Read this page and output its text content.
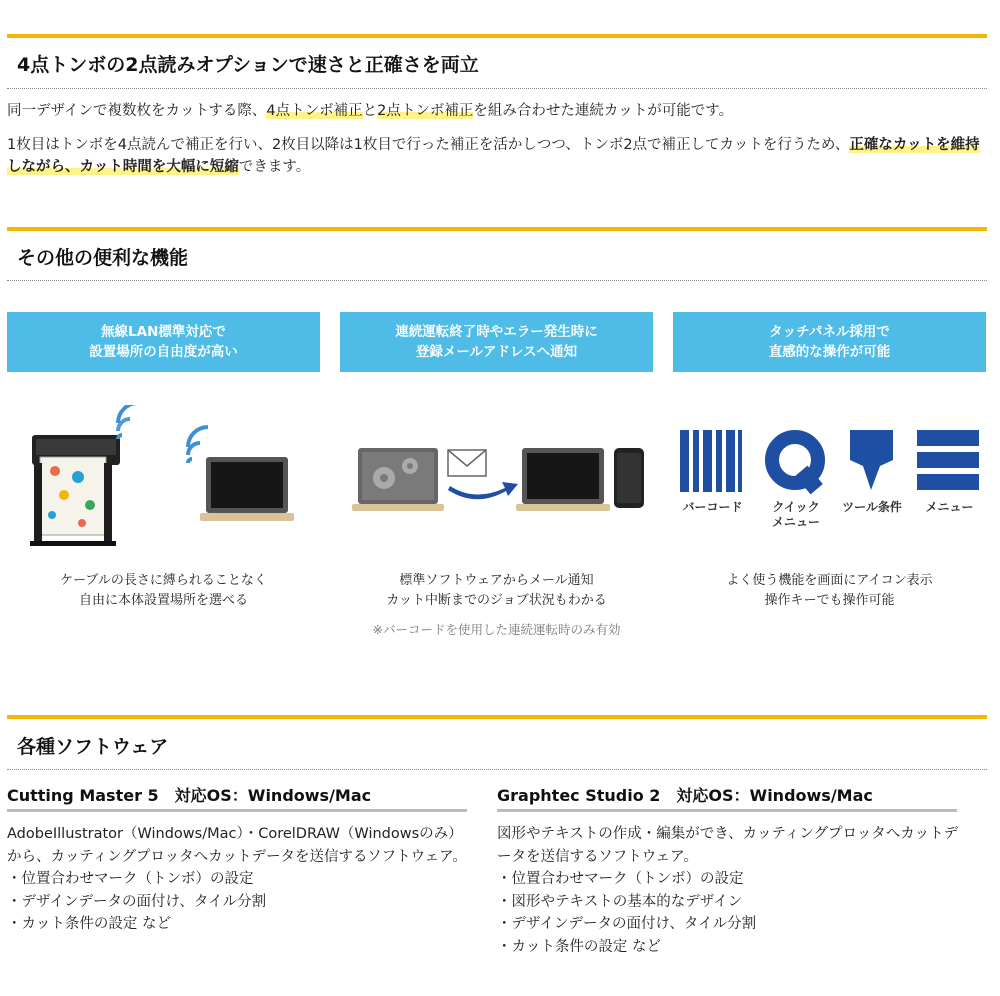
4点トンボの2点読みオプションで速さと正確さを両立

同一デザインで複数枚をカットする際、4点トンボ補正と2点トンボ補正を組み合わせた連続カットが可能です。

1枚目はトンボを4点読んで補正を行い、2枚目以降は1枚目で行った補正を活かしつつ、トンボ2点で補正してカットを行うため、正確なカットを維持しながら、カット時間を大幅に短縮できます。

その他の便利な機能
無線LAN標準対応で
設置場所の自由度が高い
連続運転終了時やエラー発生時に
登録メールアドレスへ通知
タッチパネル採用で
直感的な操作が可能
バーコード	クイック
メニュー
ツール条件	メニュー
ケーブルの長さに縛られることなく
自由に本体設置場所を選べる
標準ソフトウェアからメール通知
カット中断までのジョブ状況もわかる
※バーコードを使用した連続運転時のみ有効
よく使う機能を画面にアイコン表示
操作キーでも操作可能
各種ソフトウェア
Cutting Master 5　対応OS：Windows/Mac

AdobeIllustrator（Windows/Mac）・CorelDRAW（Windowsのみ）から、カッティングプロッタへカットデータを送信するソフトウェア。

・位置合わせマーク（トンボ）の設定

・デザインデータの面付け、タイル分割

・カット条件の設定 など

Graphtec Studio 2　対応OS：Windows/Mac

図形やテキストの作成・編集ができ、カッティングプロッタへカットデータを送信するソフトウェア。

・位置合わせマーク（トンボ）の設定

・図形やテキストの基本的なデザイン

・デザインデータの面付け、タイル分割

・カット条件の設定 など
